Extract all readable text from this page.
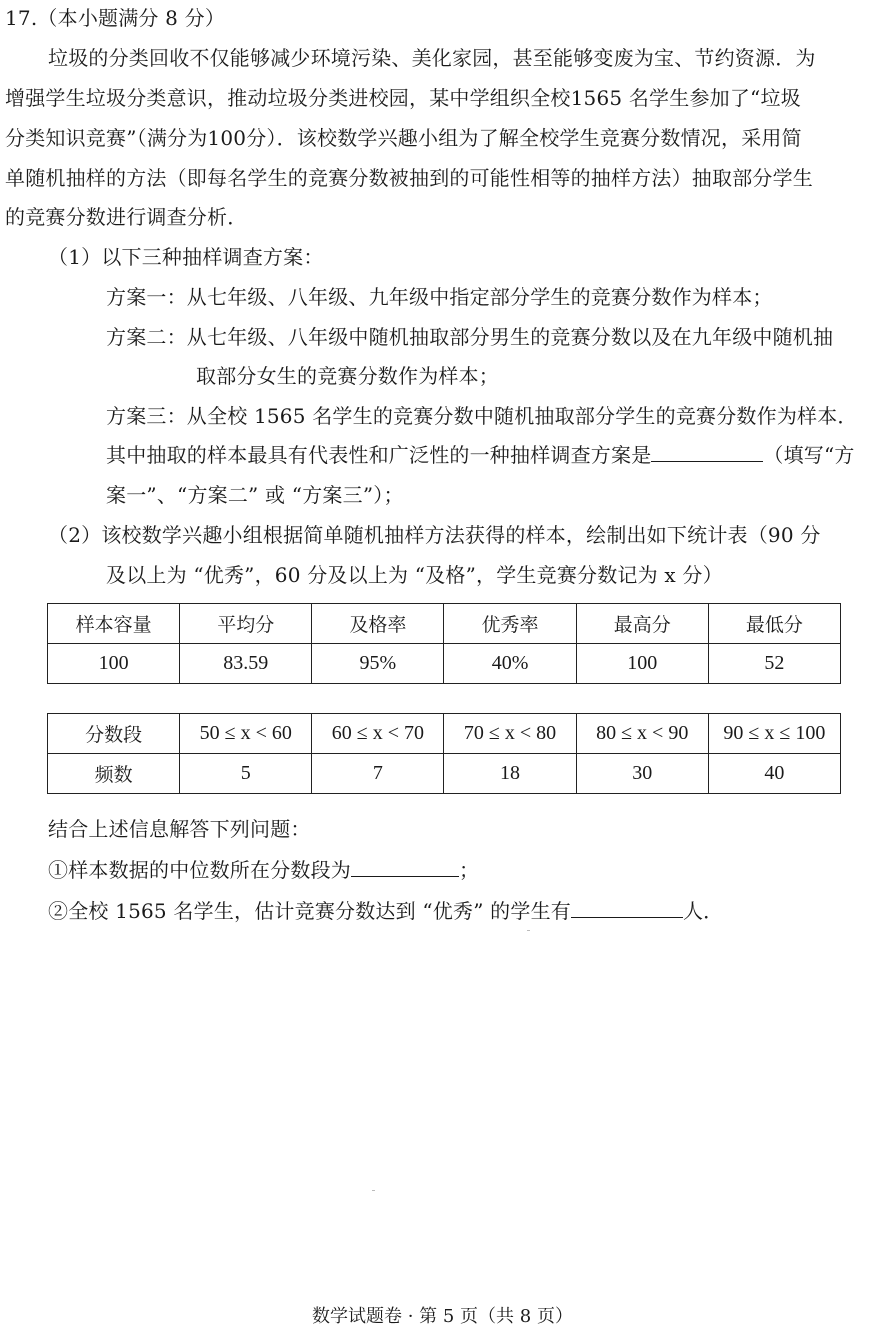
17.（本小题满分 8 分）
垃圾的分类回收不仅能够减少环境污染、美化家园，甚至能够变废为宝、节约资源．为
增强学生垃圾分类意识，推动垃圾分类进校园，某中学组织全校1565 名学生参加了“垃圾
分类知识竞赛”（满分为100分）．该校数学兴趣小组为了解全校学生竞赛分数情况，采用简
单随机抽样的方法（即每名学生的竞赛分数被抽到的可能性相等的抽样方法）抽取部分学生
的竞赛分数进行调查分析．
（1）以下三种抽样调查方案：
方案一：从七年级、八年级、九年级中指定部分学生的竞赛分数作为样本；
方案二：从七年级、八年级中随机抽取部分男生的竞赛分数以及在九年级中随机抽
取部分女生的竞赛分数作为样本；
方案三：从全校 1565 名学生的竞赛分数中随机抽取部分学生的竞赛分数作为样本．
其中抽取的样本最具有代表性和广泛性的一种抽样调查方案是	（填写“方
案一”、“方案二” 或 “方案三”）；
（2）该校数学兴趣小组根据简单随机抽样方法获得的样本，绘制出如下统计表（90 分
及以上为 “优秀”，60 分及以上为 “及格”，学生竞赛分数记为 x 分）
样本容量	平均分	及格率	优秀率	最高分	最低分
100	83.59	95%	40%	100	52
分数段	50 ≤ x < 60	60 ≤ x < 70	70 ≤ x < 80	80 ≤ x < 90	90 ≤ x ≤ 100
频数	5	7	18	30	40
结合上述信息解答下列问题：
①样本数据的中位数所在分数段为	；
②全校 1565 名学生，估计竞赛分数达到 “优秀” 的学生有	人．
数学试题卷 · 第 5 页（共 8 页）
